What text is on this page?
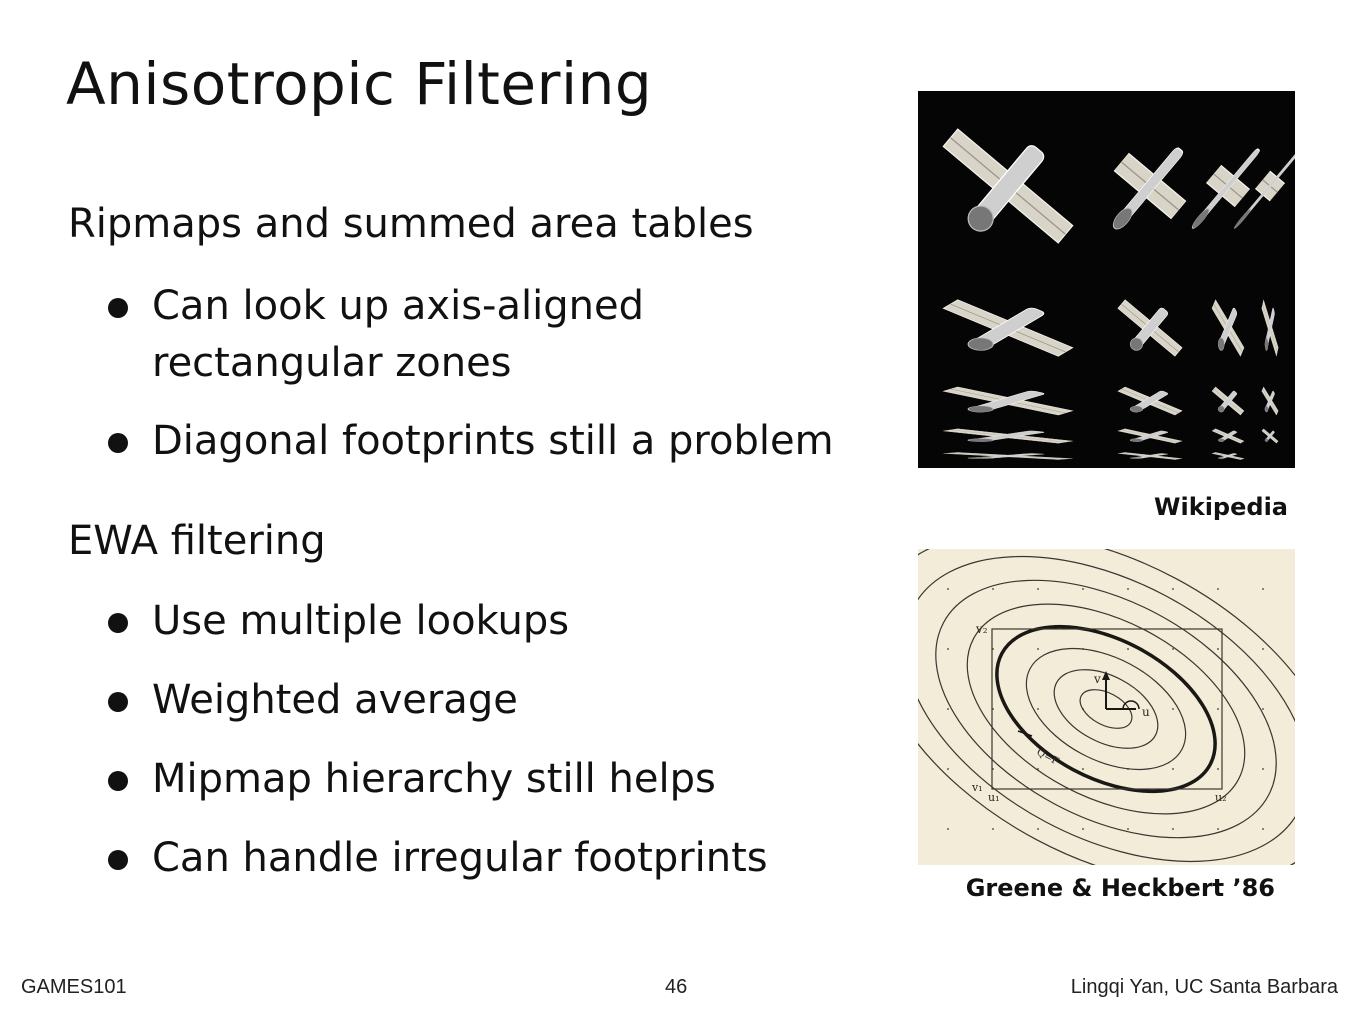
Anisotropic Filtering
Ripmaps and summed area tables
Can look up axis-aligned rectangular zones
Diagonal footprints still a problem
EWA filtering
Use multiple lookups
Weighted average
Mipmap hierarchy still helps
Can handle irregular footprints
Wikipedia
v₂
v
u
Q=F
v₁
u₁	u₂
Greene & Heckbert ’86
GAMES101	46	Lingqi Yan, UC Santa Barbara
